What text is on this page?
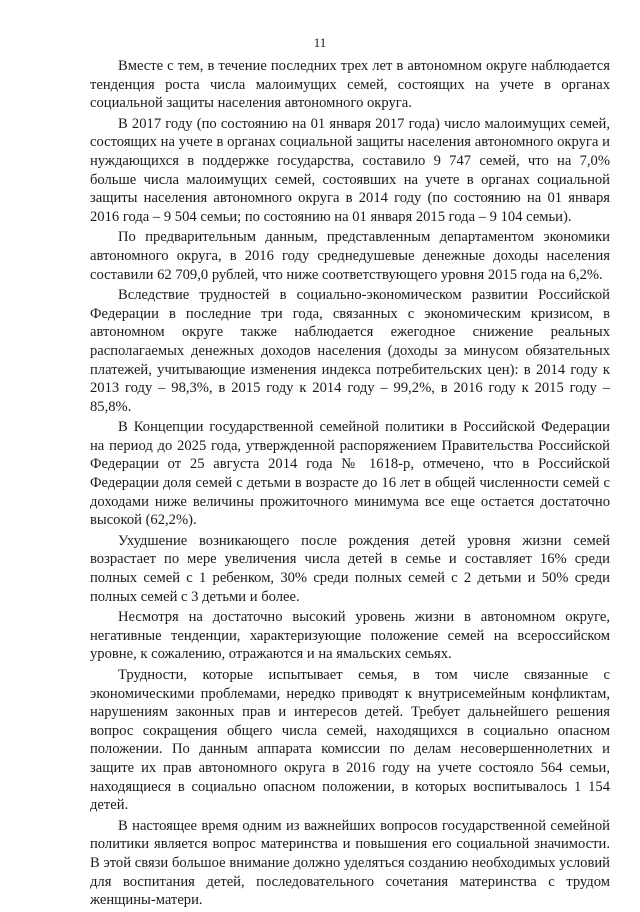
11

Вместе с тем, в течение последних трех лет в автономном округе наблюдается тенденция роста числа малоимущих семей, состоящих на учете в органах социальной защиты населения автономного округа.

В 2017 году (по состоянию на 01 января 2017 года) число малоимущих семей, состоящих на учете в органах социальной защиты населения автономного округа и нуждающихся в поддержке государства, составило 9 747 семей, что на 7,0% больше числа малоимущих семей, состоявших на учете в органах социальной защиты населения автономного округа в 2014 году (по состоянию на 01 января 2016 года – 9 504 семьи; по состоянию на 01 января 2015 года – 9 104 семьи).

По предварительным данным, представленным департаментом экономики автономного округа, в 2016 году среднедушевые денежные доходы населения составили 62 709,0 рублей, что ниже соответствующего уровня 2015 года на 6,2%.

Вследствие трудностей в социально-экономическом развитии Российской Федерации в последние три года, связанных с экономическим кризисом, в автономном округе также наблюдается ежегодное снижение реальных располагаемых денежных доходов населения (доходы за минусом обязательных платежей, учитывающие изменения индекса потребительских цен): в 2014 году к 2013 году – 98,3%, в 2015 году к 2014 году – 99,2%, в 2016 году к 2015 году – 85,8%.

В Концепции государственной семейной политики в Российской Федерации на период до 2025 года, утвержденной распоряжением Правительства Российской Федерации от 25 августа 2014 года № 1618-р, отмечено, что в Российской Федерации доля семей с детьми в возрасте до 16 лет в общей численности семей с доходами ниже величины прожиточного минимума все еще остается достаточно высокой (62,2%).

Ухудшение возникающего после рождения детей уровня жизни семей возрастает по мере увеличения числа детей в семье и составляет 16% среди полных семей с 1 ребенком, 30% среди полных семей с 2 детьми и 50% среди полных семей с 3 детьми и более.

Несмотря на достаточно высокий уровень жизни в автономном округе, негативные тенденции, характеризующие положение семей на всероссийском уровне, к сожалению, отражаются и на ямальских семьях.

Трудности, которые испытывает семья, в том числе связанные с экономическими проблемами, нередко приводят к внутрисемейным конфликтам, нарушениям законных прав и интересов детей. Требует дальнейшего решения вопрос сокращения общего числа семей, находящихся в социально опасном положении. По данным аппарата комиссии по делам несовершеннолетних и защите их прав автономного округа в 2016 году на учете состояло 564 семьи, находящиеся в социально опасном положении, в которых воспитывалось 1 154 детей.

В настоящее время одним из важнейших вопросов государственной семейной политики является вопрос материнства и повышения его социальной значимости. В этой связи большое внимание должно уделяться созданию необходимых условий для воспитания детей, последовательного сочетания материнства с трудом женщины-матери.
